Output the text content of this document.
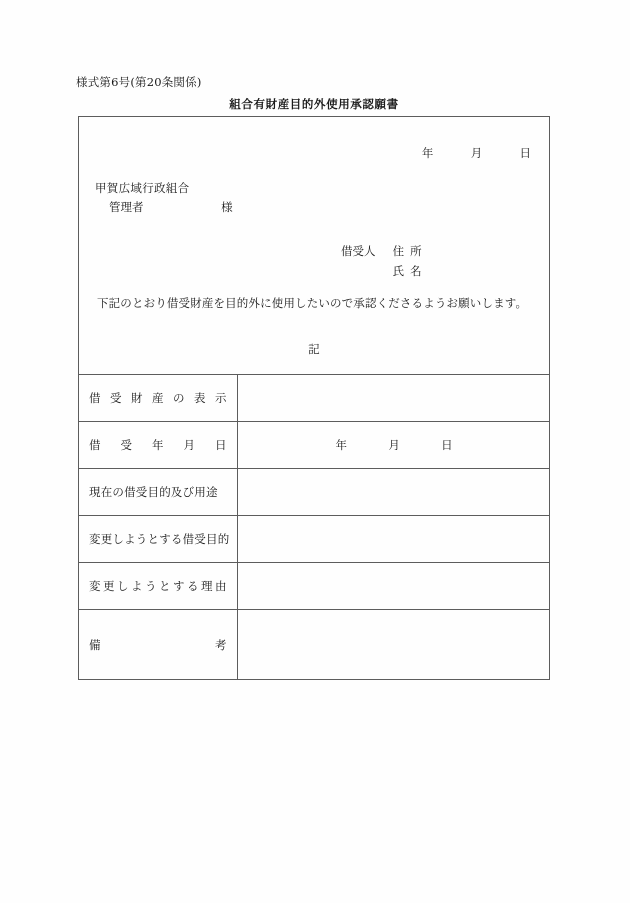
様式第6号(第20条関係)
組合有財産目的外使用承認願書
年	月	日
甲賀広域行政組合
管理者	様
借受人 住所
氏名
下記のとおり借受財産を目的外に使用したいので承認くださるようお願いします。
記
借 受 財 産 の 表 示

借 受 年 月 日	年 月 日
現在の借受目的及び用途	
変更しようとする借受目的	

変 更 し よ う と す る 理 由

備 考	
